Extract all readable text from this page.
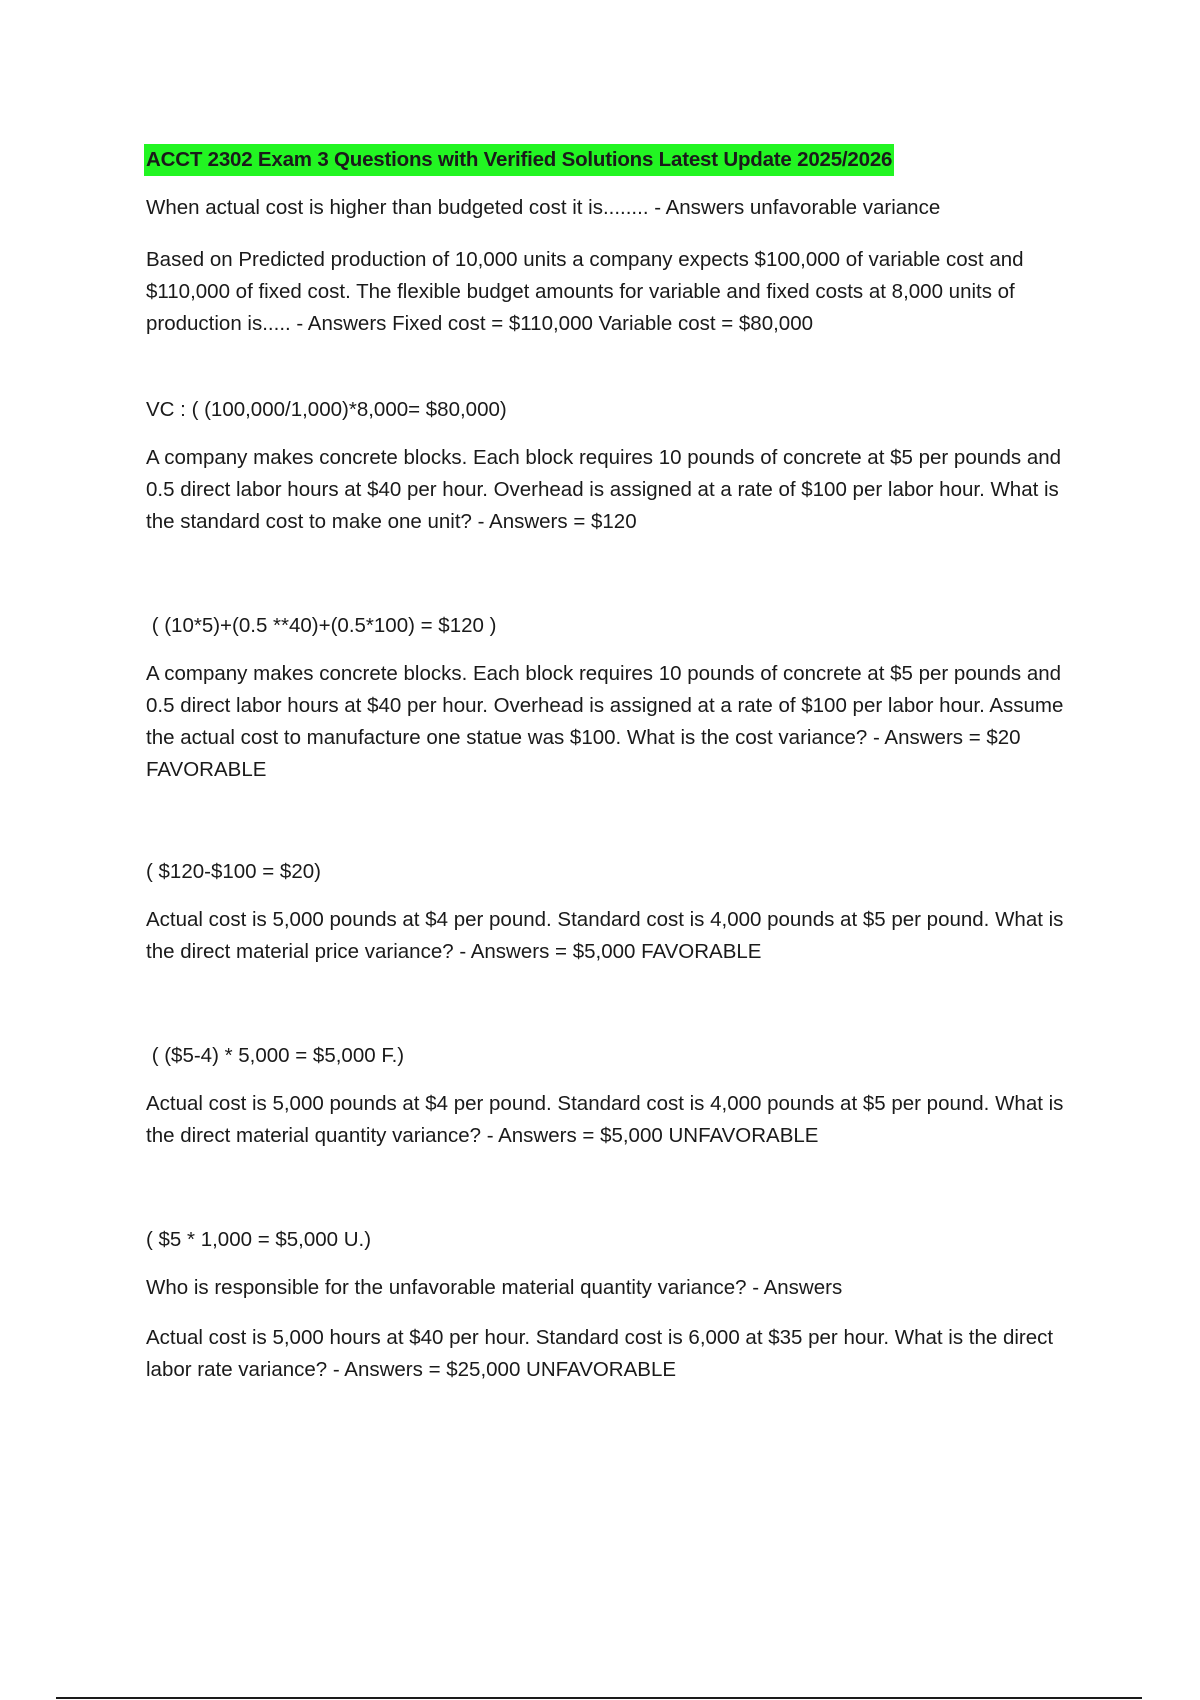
ACCT 2302 Exam 3 Questions with Verified Solutions Latest Update 2025/2026

When actual cost is higher than budgeted cost it is........ - Answers unfavorable variance

Based on Predicted production of 10,000 units a company expects $100,000 of variable cost and $110,000 of fixed cost. The flexible budget amounts for variable and fixed costs at 8,000 units of production is..... - Answers Fixed cost = $110,000 Variable cost = $80,000

VC : ( (100,000/1,000)*8,000= $80,000)

A company makes concrete blocks. Each block requires 10 pounds of concrete at $5 per pounds and 0.5 direct labor hours at $40 per hour. Overhead is assigned at a rate of $100 per labor hour. What is the standard cost to make one unit? - Answers = $120

( (10*5)+(0.5 **40)+(0.5*100) = $120 )

A company makes concrete blocks. Each block requires 10 pounds of concrete at $5 per pounds and 0.5 direct labor hours at $40 per hour. Overhead is assigned at a rate of $100 per labor hour. Assume the actual cost to manufacture one statue was $100. What is the cost variance? - Answers = $20 FAVORABLE

( $120-$100 = $20)

Actual cost is 5,000 pounds at $4 per pound. Standard cost is 4,000 pounds at $5 per pound. What is the direct material price variance? - Answers = $5,000 FAVORABLE

( ($5-4) * 5,000 = $5,000 F.)

Actual cost is 5,000 pounds at $4 per pound. Standard cost is 4,000 pounds at $5 per pound. What is the direct material quantity variance? - Answers = $5,000 UNFAVORABLE

( $5 * 1,000 = $5,000 U.)

Who is responsible for the unfavorable material quantity variance? - Answers

Actual cost is 5,000 hours at $40 per hour. Standard cost is 6,000 at $35 per hour. What is the direct labor rate variance? - Answers = $25,000 UNFAVORABLE
